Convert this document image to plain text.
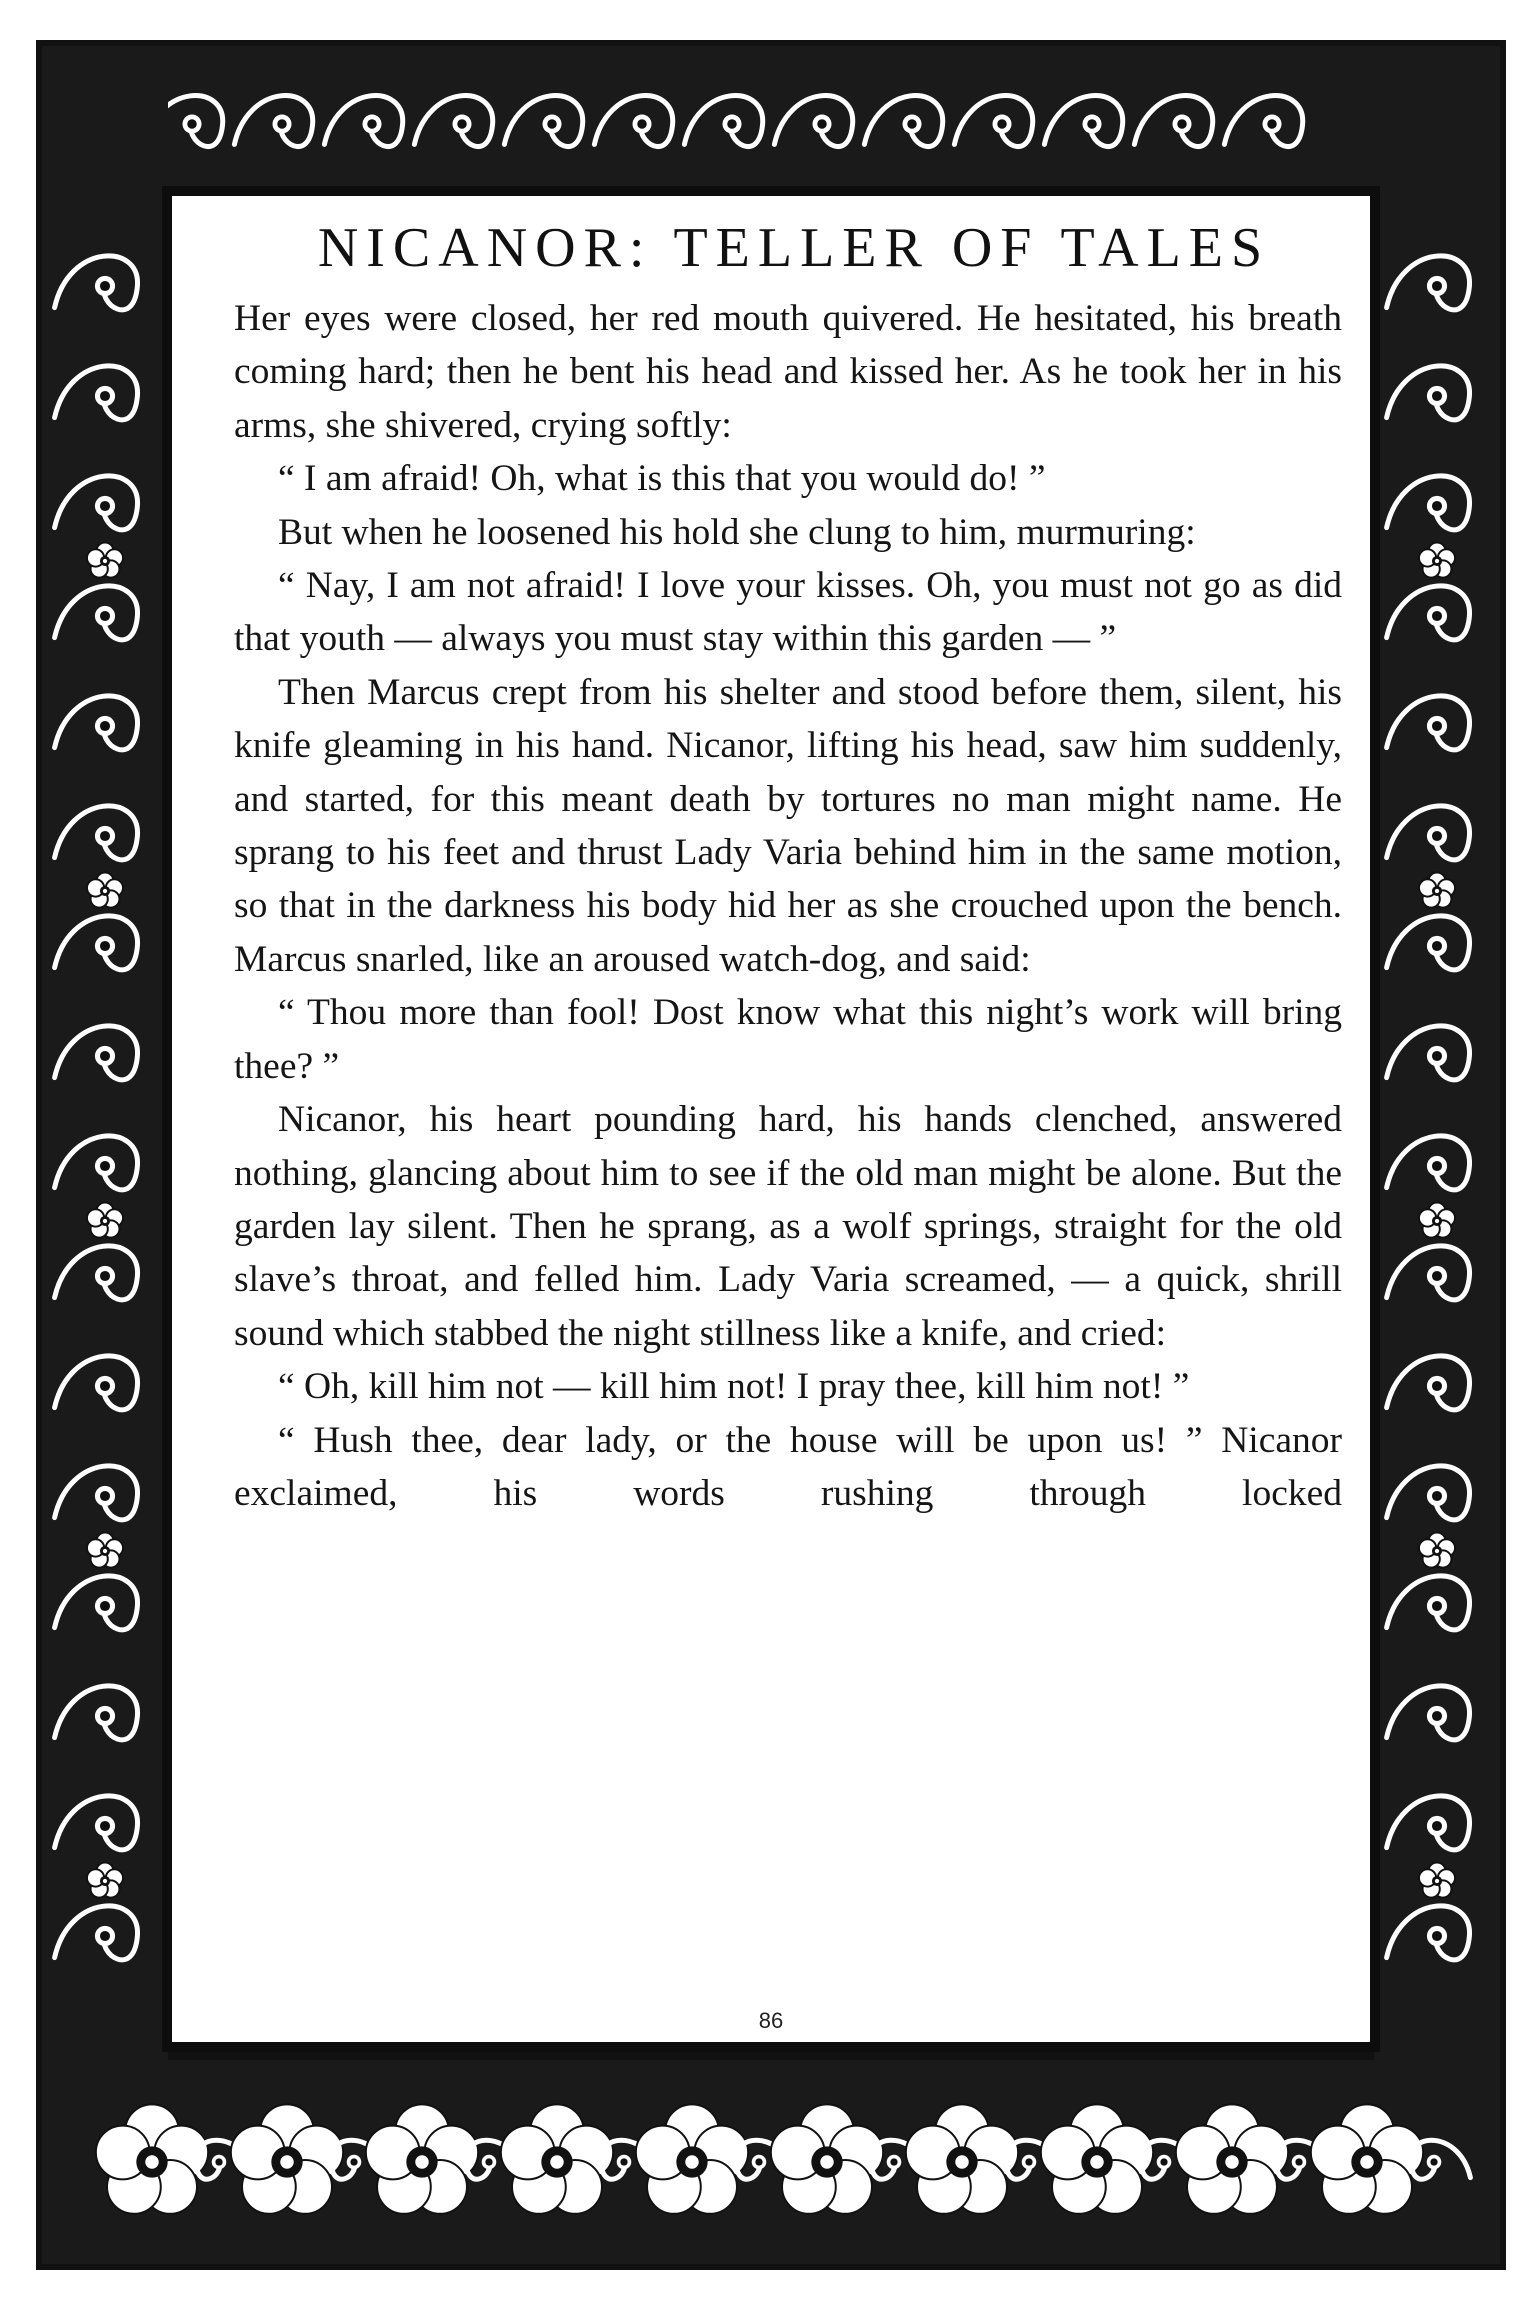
NICANOR: TELLER OF TALES

Her eyes were closed, her red mouth quivered. He hesitated, his breath coming hard; then he bent his head and kissed her. As he took her in his arms, she shivered, crying softly:

“ I am afraid! Oh, what is this that you would do! ”

But when he loosened his hold she clung to him, murmuring:

“ Nay, I am not afraid! I love your kisses. Oh, you must not go as did that youth — always you must stay within this garden — ”

Then Marcus crept from his shelter and stood before them, silent, his knife gleaming in his hand. Nicanor, lifting his head, saw him suddenly, and started, for this meant death by tortures no man might name. He sprang to his feet and thrust Lady Varia behind him in the same motion, so that in the darkness his body hid her as she crouched upon the bench. Marcus snarled, like an aroused watch-dog, and said:

“ Thou more than fool! Dost know what this night’s work will bring thee? ”

Nicanor, his heart pounding hard, his hands clenched, answered nothing, glancing about him to see if the old man might be alone. But the garden lay silent. Then he sprang, as a wolf springs, straight for the old slave’s throat, and felled him. Lady Varia screamed, — a quick, shrill sound which stabbed the night stillness like a knife, and cried:

“ Oh, kill him not — kill him not! I pray thee, kill him not! ”

“ Hush thee, dear lady, or the house will be upon us! ” Nicanor exclaimed, his words rushing through locked

86
